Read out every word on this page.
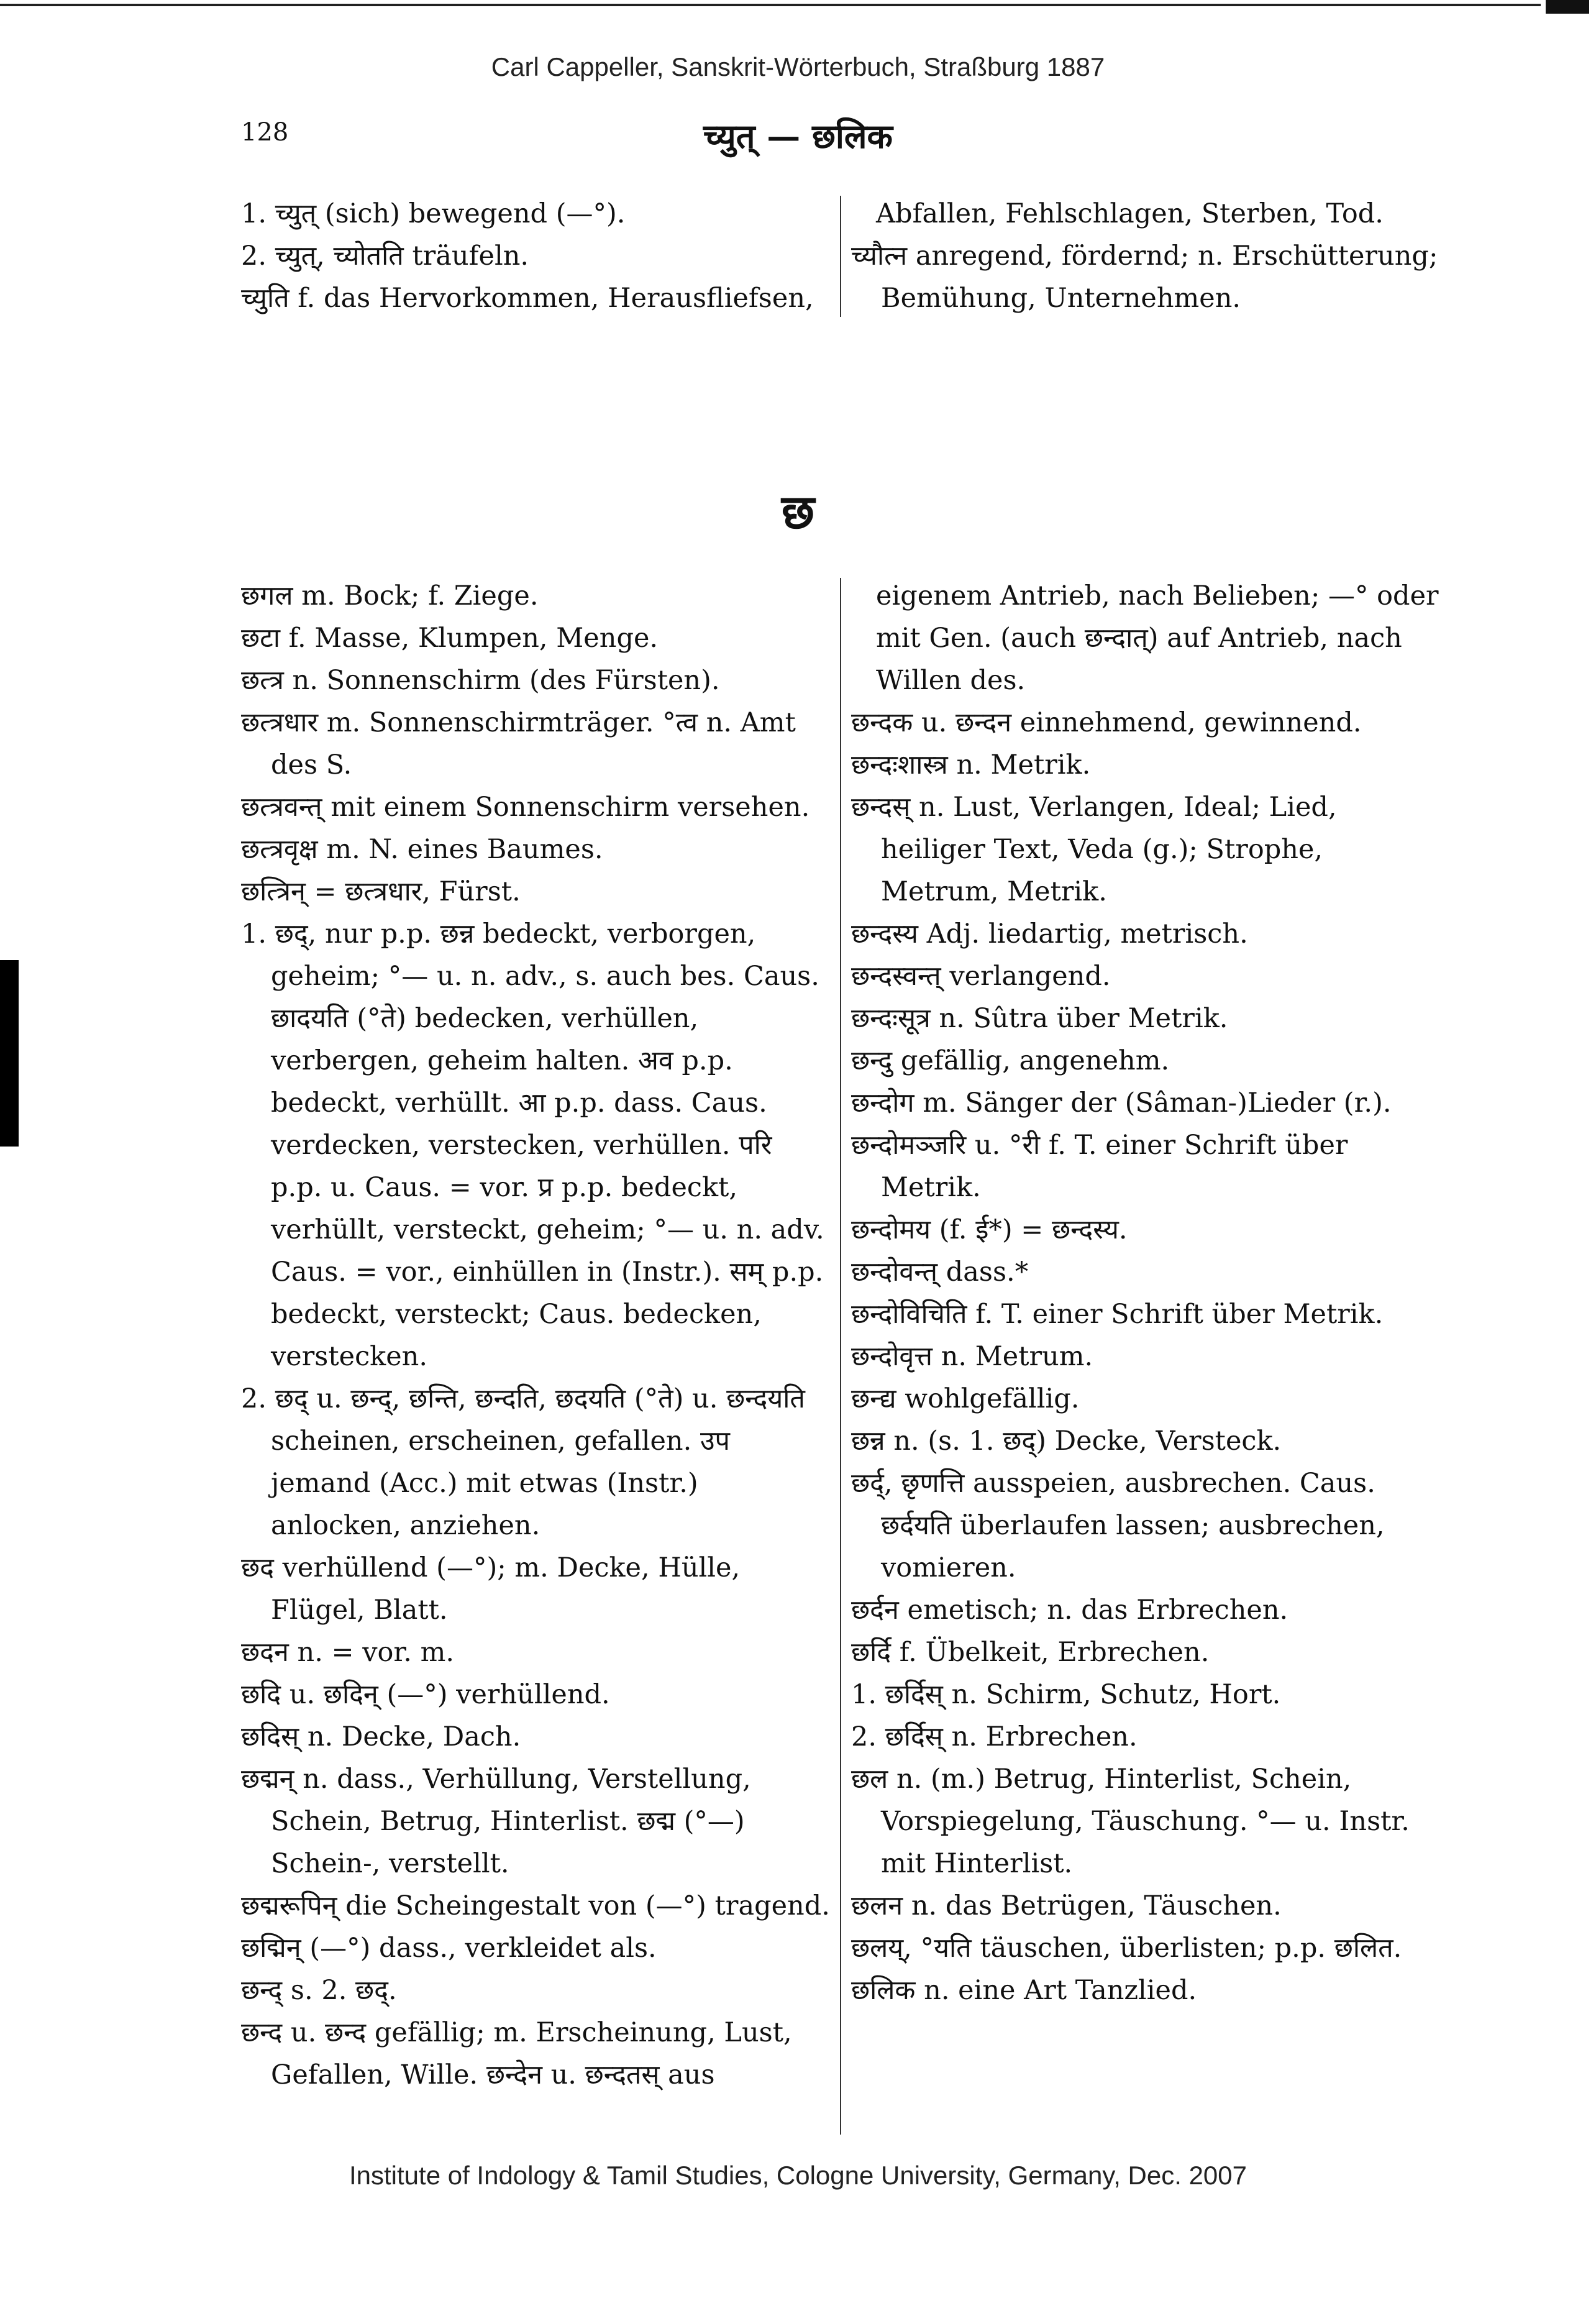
Carl Cappeller, Sanskrit-Wörterbuch, Straßburg 1887
128	च्युत् — छलिक

1. च्युत् (sich) bewegend (—°).

2. च्युत्, च्योतति träufeln.

च्युति f. das Hervorkommen, Herausfliefsen,

Abfallen, Fehlschlagen, Sterben, Tod.

च्यौत्न anregend, fördernd; n. Erschütterung; Bemühung, Unternehmen.

छ

छगल m. Bock; f. Ziege.

छटा f. Masse, Klumpen, Menge.

छत्त्र n. Sonnenschirm (des Fürsten).

छत्त्रधार m. Sonnenschirmträger. °त्व n. Amt des S.

छत्त्रवन्त् mit einem Sonnenschirm versehen.

छत्त्रवृक्ष m. N. eines Baumes.

छत्त्रिन् = छत्त्रधार, Fürst.

1. छद्, nur p.p. छन्न bedeckt, verborgen, geheim; °— u. n. adv., s. auch bes. Caus. छादयति (°ते) bedecken, verhüllen, verbergen, geheim halten. अव p.p. bedeckt, verhüllt. आ p.p. dass. Caus. verdecken, verstecken, verhüllen. परि p.p. u. Caus. = vor. प्र p.p. bedeckt, verhüllt, versteckt, geheim; °— u. n. adv. Caus. = vor., einhüllen in (Instr.). सम् p.p. bedeckt, versteckt; Caus. bedecken, verstecken.

2. छद् u. छन्द्, छन्ति, छन्दति, छदयति (°ते) u. छन्दयति scheinen, erscheinen, gefallen. उप jemand (Acc.) mit etwas (Instr.) anlocken, anziehen.

छद verhüllend (—°); m. Decke, Hülle, Flügel, Blatt.

छदन n. = vor. m.

छदि u. छदिन् (—°) verhüllend.

छदिस् n. Decke, Dach.

छद्मन् n. dass., Verhüllung, Verstellung, Schein, Betrug, Hinterlist. छद्म (°—) Schein-, verstellt.

छद्मरूपिन् die Scheingestalt von (—°) tragend.

छद्मिन् (—°) dass., verkleidet als.

छन्द् s. 2. छद्.

छन्द u. छन्द gefällig; m. Erscheinung, Lust, Gefallen, Wille. छन्देन u. छन्दतस् aus

eigenem Antrieb, nach Belieben; —° oder mit Gen. (auch छन्दात्) auf Antrieb, nach Willen des.

छन्दक u. छन्दन einnehmend, gewinnend.

छन्दःशास्त्र n. Metrik.

छन्दस् n. Lust, Verlangen, Ideal; Lied, heiliger Text, Veda (g.); Strophe, Metrum, Metrik.

छन्दस्य Adj. liedartig, metrisch.

छन्दस्वन्त् verlangend.

छन्दःसूत्र n. Sûtra über Metrik.

छन्दु gefällig, angenehm.

छन्दोग m. Sänger der (Sâman-)Lieder (r.).

छन्दोमञ्जरि u. °री f. T. einer Schrift über Metrik.

छन्दोमय (f. ई*) = छन्दस्य.

छन्दोवन्त् dass.*

छन्दोविचिति f. T. einer Schrift über Metrik.

छन्दोवृत्त n. Metrum.

छन्द्य wohlgefällig.

छन्न n. (s. 1. छद्) Decke, Versteck.

छर्द्, छृणत्ति ausspeien, ausbrechen. Caus. छर्दयति überlaufen lassen; ausbrechen, vomieren.

छर्दन emetisch; n. das Erbrechen.

छर्दि f. Übelkeit, Erbrechen.

1. छर्दिस् n. Schirm, Schutz, Hort.

2. छर्दिस् n. Erbrechen.

छल n. (m.) Betrug, Hinterlist, Schein, Vorspiegelung, Täuschung. °— u. Instr. mit Hinterlist.

छलन n. das Betrügen, Täuschen.

छलय्, °यति täuschen, überlisten; p.p. छलित.

छलिक n. eine Art Tanzlied.

Institute of Indology & Tamil Studies, Cologne University, Germany, Dec. 2007
